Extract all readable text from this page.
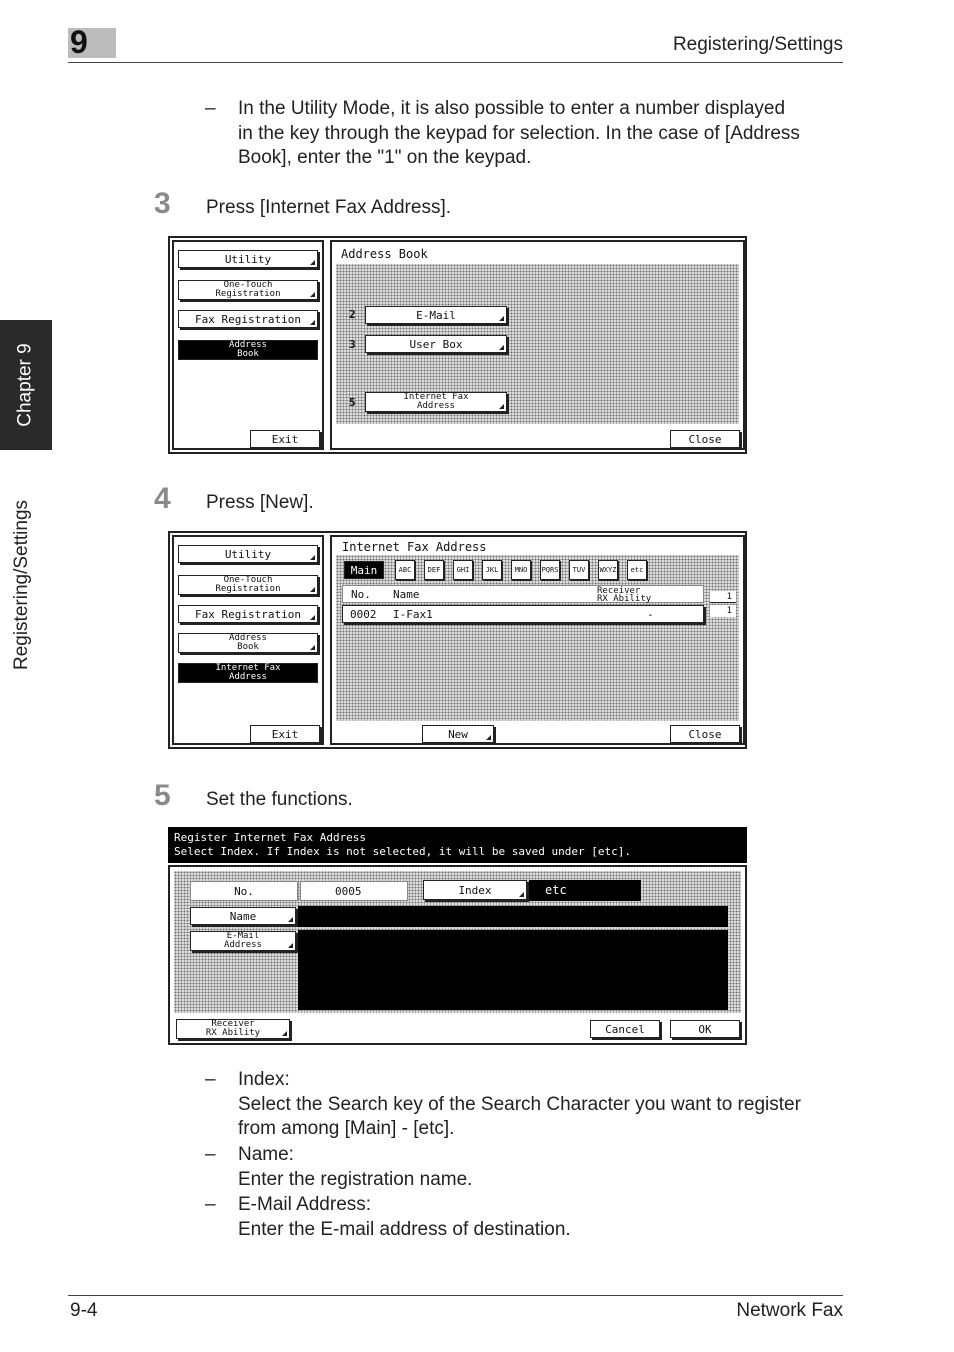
9	Registering/Settings
Chapter 9
Registering/Settings
– In the Utility Mode, it is also possible to enter a number displayed
in the key through the keypad for selection. In the case of [Address
Book], enter the "1" on the keypad.
3 Press [Internet Fax Address].
Utility
One-Touch
Registration
Fax Registration
Address
Book
Exit
Address Book
2	E-Mail
3	User Box
5	Internet Fax
Address
Close
4 Press [New].
Utility
One-Touch
Registration
Fax Registration
Address
Book
Internet Fax
Address
Exit
Internet Fax Address
Main	AB C DE F GH I JK L MN O PQ RS TU V WX YZ etc
No. Name	Receiver
RX Ability
0002 I-Fax1	-
1
1
New	Close
5 Set the functions.
Register Internet Fax Address
Select Index. If Index is not selected, it will be saved under [etc].
No.	0005	Index	etc
Name
E-Mail
Address
Receiver
RX Ability	Cancel	OK
– Index:
Select the Search key of the Search Character you want to register
from among [Main] - [etc].
– Name:
Enter the registration name.
– E-Mail Address:
Enter the E-mail address of destination.
9-4	Network Fax
